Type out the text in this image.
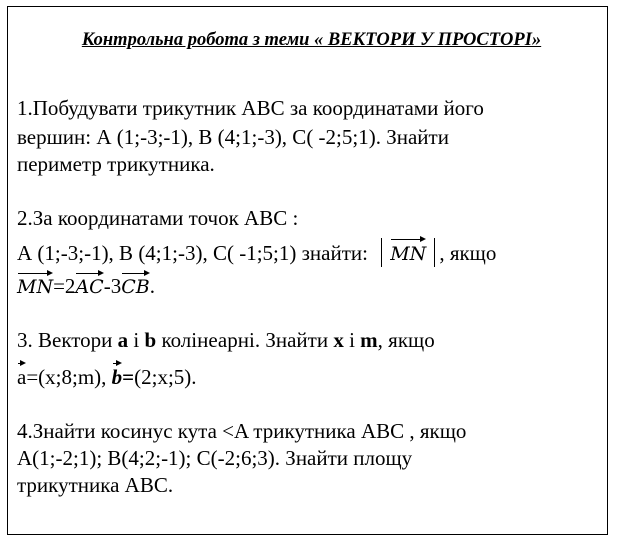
Контрольна робота з теми « ВЕКТОРИ У ПРОСТОРІ»
1.Побудувати трикутник АВС за координатами його
вершин: А (1;-3;-1), В (4;1;-3), С( -2;5;1). Знайти
периметр трикутника.
2.За координатами точок АВС :
А (1;-3;-1), В (4;1;-3), С( -1;5;1) знайти: MN , якщо
MN=2AC-3CB.
3. Вектори a і b колінеарні. Знайти x і m, якщо
a=(x;8;m), b=(2;x;5).
4.Знайти косинус кута <A трикутника ABC , якщо
A(1;-2;1); B(4;2;-1); C(-2;6;3). Знайти площу
трикутника ABC.
